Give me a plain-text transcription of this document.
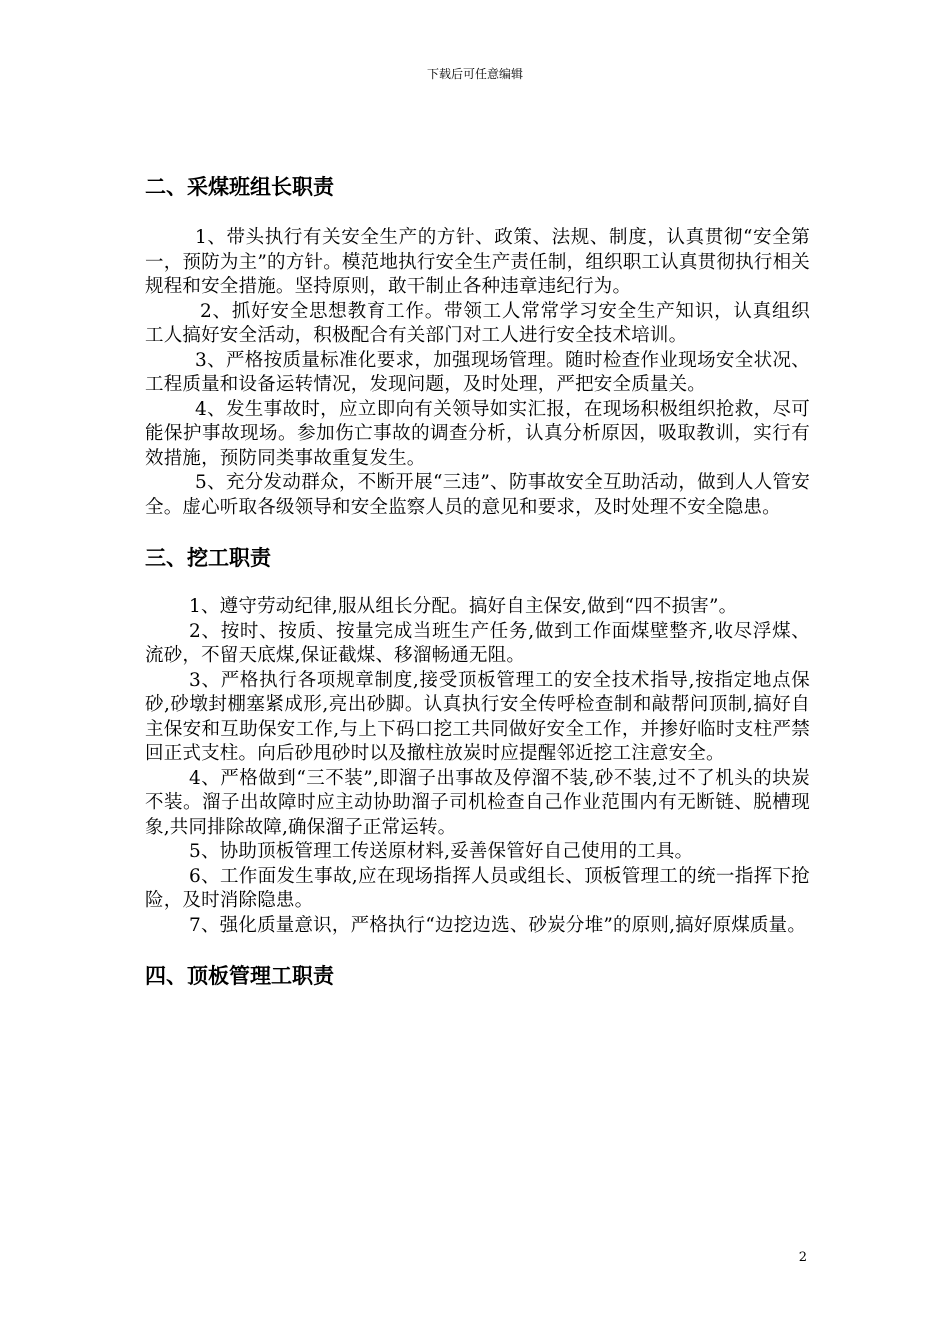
下载后可任意编辑
二、采煤班组长职责

1、带头执行有关安全生产的方针、政策、法规、制度，认真贯彻“安全第一，预防为主”的方针。模范地执行安全生产责任制，组织职工认真贯彻执行相关规程和安全措施。坚持原则，敢干制止各种违章违纪行为。

2、抓好安全思想教育工作。带领工人常常学习安全生产知识，认真组织工人搞好安全活动，积极配合有关部门对工人进行安全技术培训。

3、严格按质量标准化要求，加强现场管理。随时检查作业现场安全状况、工程质量和设备运转情况，发现问题，及时处理，严把安全质量关。

4、发生事故时，应立即向有关领导如实汇报，在现场积极组织抢救，尽可能保护事故现场。参加伤亡事故的调查分析，认真分析原因，吸取教训，实行有效措施，预防同类事故重复发生。

5、充分发动群众，不断开展“三违”、防事故安全互助活动，做到人人管安全。虚心听取各级领导和安全监察人员的意见和要求，及时处理不安全隐患。

三、挖工职责

1、遵守劳动纪律,服从组长分配。搞好自主保安,做到“四不损害”。

2、按时、按质、按量完成当班生产任务,做到工作面煤壁整齐,收尽浮煤、流砂，不留天底煤,保证截煤、移溜畅通无阻。

3、严格执行各项规章制度,接受顶板管理工的安全技术指导,按指定地点保砂,砂墩封棚塞紧成形,亮出砂脚。认真执行安全传呼检查制和敲帮问顶制,搞好自主保安和互助保安工作,与上下码口挖工共同做好安全工作，并掺好临时支柱严禁回正式支柱。向后砂甩砂时以及撤柱放炭时应提醒邻近挖工注意安全。

4、严格做到“三不装”,即溜子出事故及停溜不装,砂不装,过不了机头的块炭不装。溜子出故障时应主动协助溜子司机检查自己作业范围内有无断链、脱槽现象,共同排除故障,确保溜子正常运转。

5、协助顶板管理工传送原材料,妥善保管好自己使用的工具。

6、工作面发生事故,应在现场指挥人员或组长、顶板管理工的统一指挥下抢险，及时消除隐患。

7、强化质量意识，严格执行“边挖边选、砂炭分堆”的原则,搞好原煤质量。

四、顶板管理工职责
2
